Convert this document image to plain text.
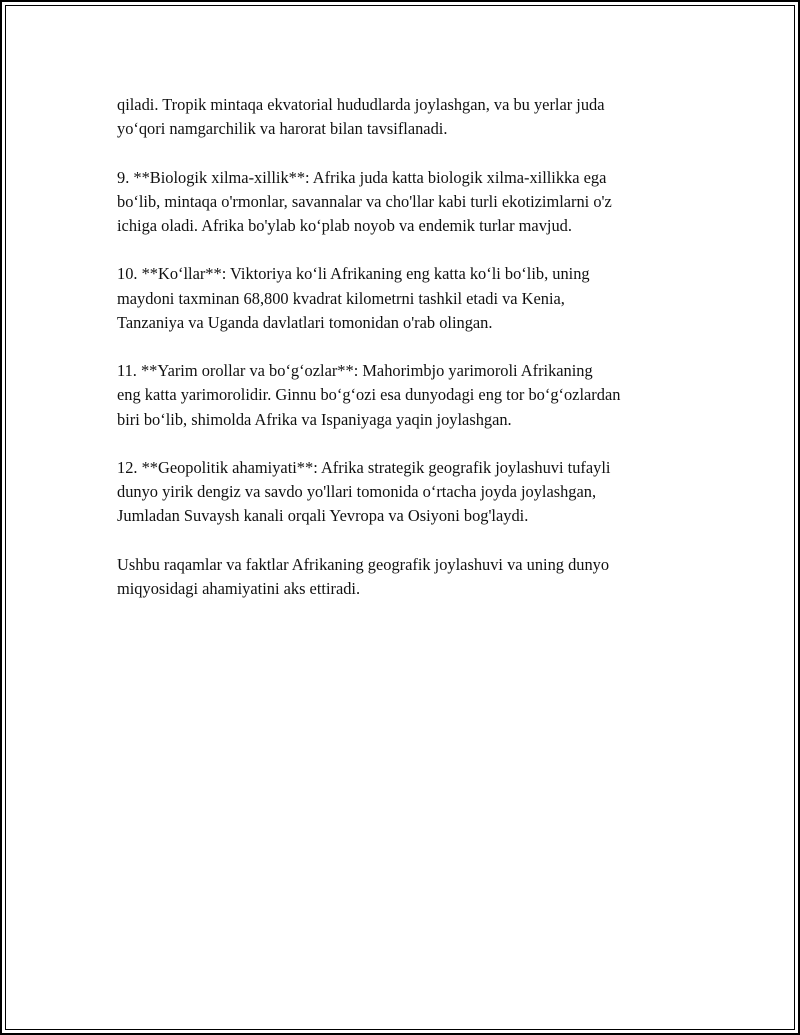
qiladi. Tropik mintaqa ekvatorial hududlarda joylashgan, va bu yerlar juda
yo‘qori namgarchilik va harorat bilan tavsiflanadi.

9. **Biologik xilma-xillik**: Afrika juda katta biologik xilma-xillikka ega
bo‘lib, mintaqa o'rmonlar, savannalar va cho'llar kabi turli ekotizimlarni o'z
ichiga oladi. Afrika bo'ylab ko‘plab noyob va endemik turlar mavjud.

10. **Ko‘llar**: Viktoriya ko‘li Afrikaning eng katta ko‘li bo‘lib, uning
maydoni taxminan 68,800 kvadrat kilometrni tashkil etadi va Kenia,
Tanzaniya va Uganda davlatlari tomonidan o'rab olingan.

11. **Yarim orollar va bo‘g‘ozlar**: Mahorimbjo yarimoroli Afrikaning
eng katta yarimorolidir. Ginnu bo‘g‘ozi esa dunyodagi eng tor bo‘g‘ozlardan
biri bo‘lib, shimolda Afrika va Ispaniyaga yaqin joylashgan.

12. **Geopolitik ahamiyati**: Afrika strategik geografik joylashuvi tufayli
dunyo yirik dengiz va savdo yo'llari tomonida o‘rtacha joyda joylashgan,
Jumladan Suvaysh kanali orqali Yevropa va Osiyoni bog'laydi.

Ushbu raqamlar va faktlar Afrikaning geografik joylashuvi va uning dunyo
miqyosidagi ahamiyatini aks ettiradi.
